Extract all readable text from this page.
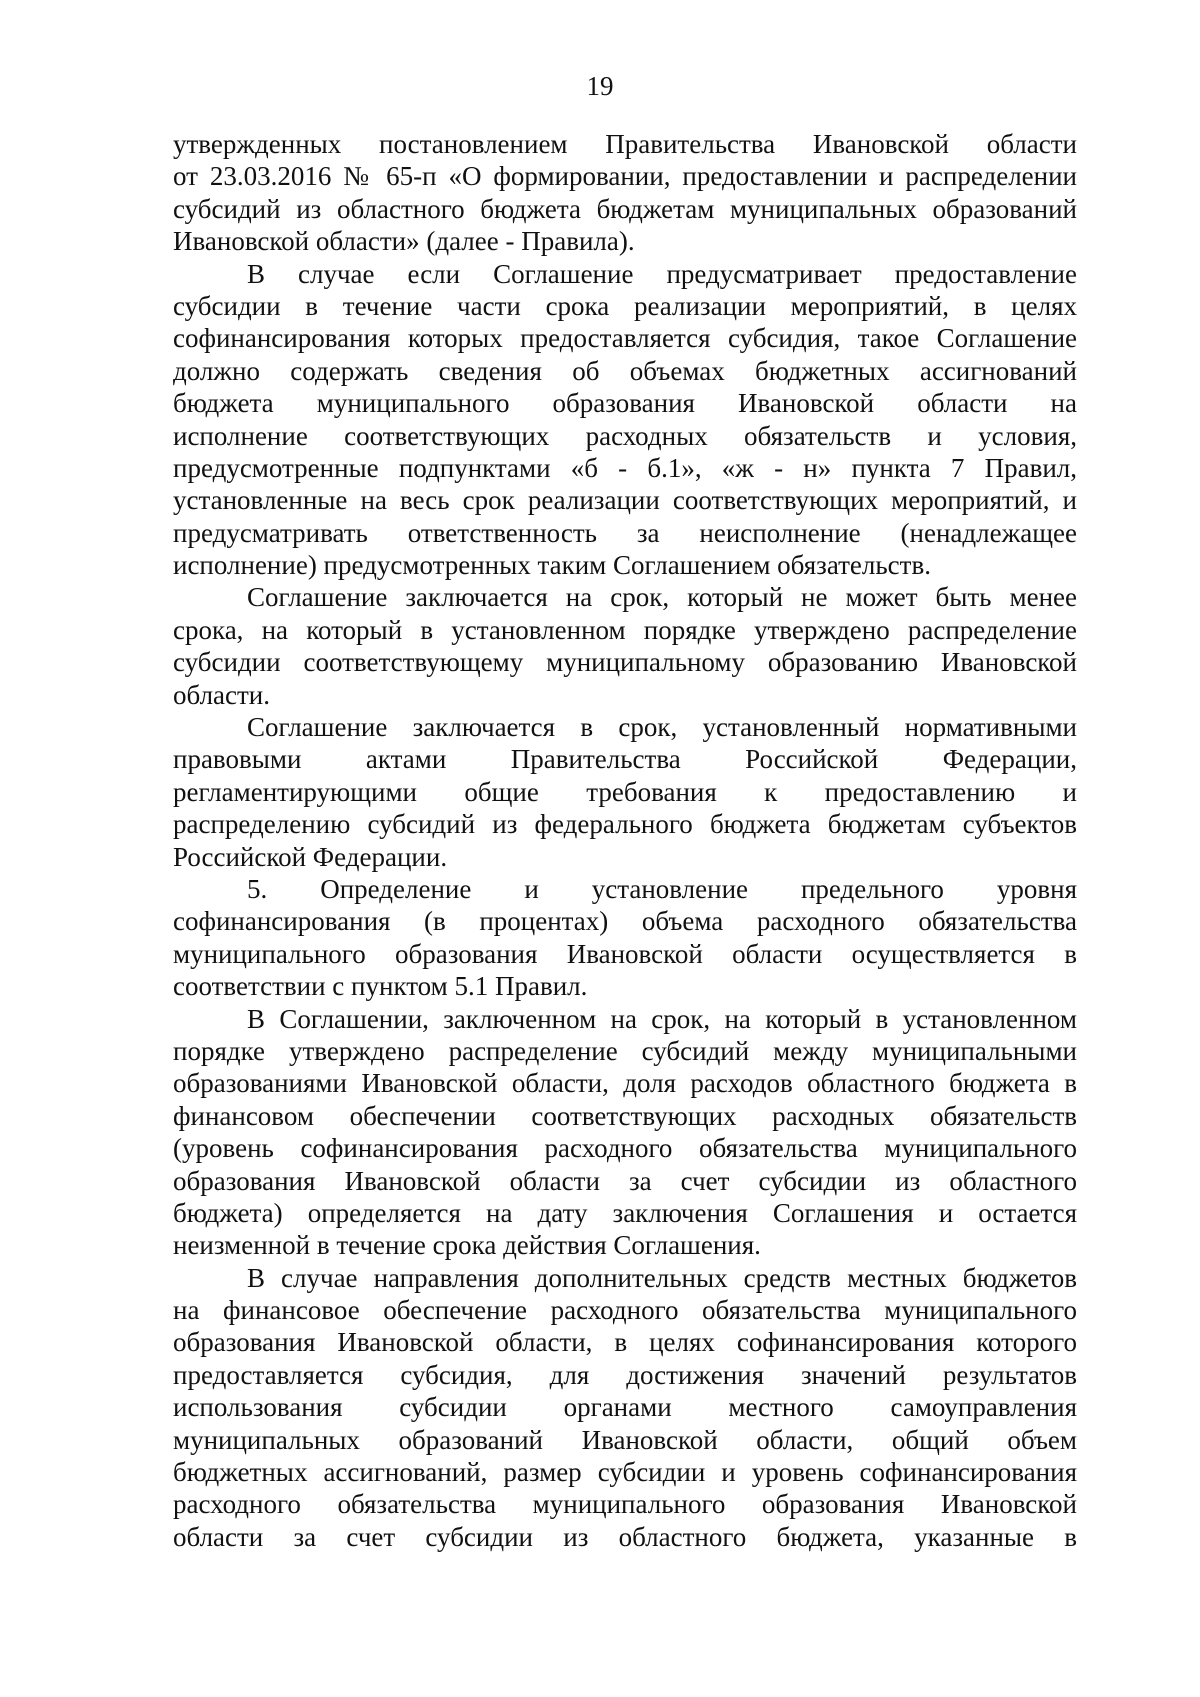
19
утвержденных постановлением Правительства Ивановской области
от 23.03.2016 № 65-п «О формировании, предоставлении и распределении
субсидий из областного бюджета бюджетам муниципальных образований
Ивановской области» (далее - Правила).
В случае если Соглашение предусматривает предоставление
субсидии в течение части срока реализации мероприятий, в целях
софинансирования которых предоставляется субсидия, такое Соглашение
должно содержать сведения об объемах бюджетных ассигнований
бюджета муниципального образования Ивановской области на
исполнение соответствующих расходных обязательств и условия,
предусмотренные подпунктами «б - б.1», «ж - н» пункта 7 Правил,
установленные на весь срок реализации соответствующих мероприятий, и
предусматривать ответственность за неисполнение (ненадлежащее
исполнение) предусмотренных таким Соглашением обязательств.
Соглашение заключается на срок, который не может быть менее
срока, на который в установленном порядке утверждено распределение
субсидии соответствующему муниципальному образованию Ивановской
области.
Соглашение заключается в срок, установленный нормативными
правовыми актами Правительства Российской Федерации,
регламентирующими общие требования к предоставлению и
распределению субсидий из федерального бюджета бюджетам субъектов
Российской Федерации.
5. Определение и установление предельного уровня
софинансирования (в процентах) объема расходного обязательства
муниципального образования Ивановской области осуществляется в
соответствии с пунктом 5.1 Правил.
В Соглашении, заключенном на срок, на который в установленном
порядке утверждено распределение субсидий между муниципальными
образованиями Ивановской области, доля расходов областного бюджета в
финансовом обеспечении соответствующих расходных обязательств
(уровень софинансирования расходного обязательства муниципального
образования Ивановской области за счет субсидии из областного
бюджета) определяется на дату заключения Соглашения и остается
неизменной в течение срока действия Соглашения.
В случае направления дополнительных средств местных бюджетов
на финансовое обеспечение расходного обязательства муниципального
образования Ивановской области, в целях софинансирования которого
предоставляется субсидия, для достижения значений результатов
использования субсидии органами местного самоуправления
муниципальных образований Ивановской области, общий объем
бюджетных ассигнований, размер субсидии и уровень софинансирования
расходного обязательства муниципального образования Ивановской
области за счет субсидии из областного бюджета, указанные в
